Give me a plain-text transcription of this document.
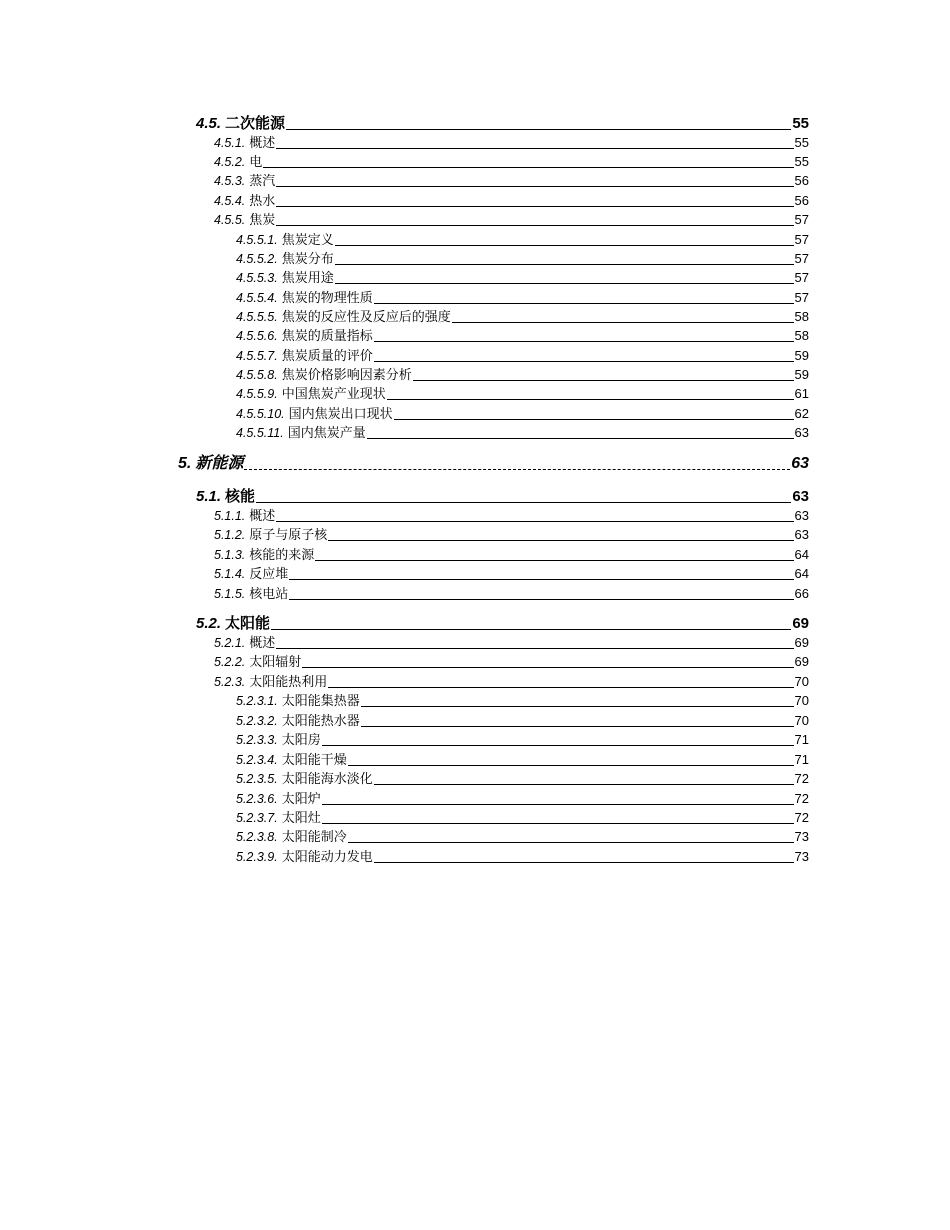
4.5. 二次能源	55
4.5.1. 概述	55
4.5.2. 电	55
4.5.3. 蒸汽	56
4.5.4. 热水	56
4.5.5. 焦炭	57
4.5.5.1. 焦炭定义	57
4.5.5.2. 焦炭分布	57
4.5.5.3. 焦炭用途	57
4.5.5.4. 焦炭的物理性质	57
4.5.5.5. 焦炭的反应性及反应后的强度	58
4.5.5.6. 焦炭的质量指标	58
4.5.5.7. 焦炭质量的评价	59
4.5.5.8. 焦炭价格影响因素分析	59
4.5.5.9. 中国焦炭产业现状	61
4.5.5.10. 国内焦炭出口现状	62
4.5.5.11. 国内焦炭产量	63
5. 新能源	63
5.1. 核能	63
5.1.1. 概述	63
5.1.2. 原子与原子核	63
5.1.3. 核能的来源	64
5.1.4. 反应堆	64
5.1.5. 核电站	66
5.2. 太阳能	69
5.2.1. 概述	69
5.2.2. 太阳辐射	69
5.2.3. 太阳能热利用	70
5.2.3.1. 太阳能集热器	70
5.2.3.2. 太阳能热水器	70
5.2.3.3. 太阳房	71
5.2.3.4. 太阳能干燥	71
5.2.3.5. 太阳能海水淡化	72
5.2.3.6. 太阳炉	72
5.2.3.7. 太阳灶	72
5.2.3.8. 太阳能制冷	73
5.2.3.9. 太阳能动力发电	73
